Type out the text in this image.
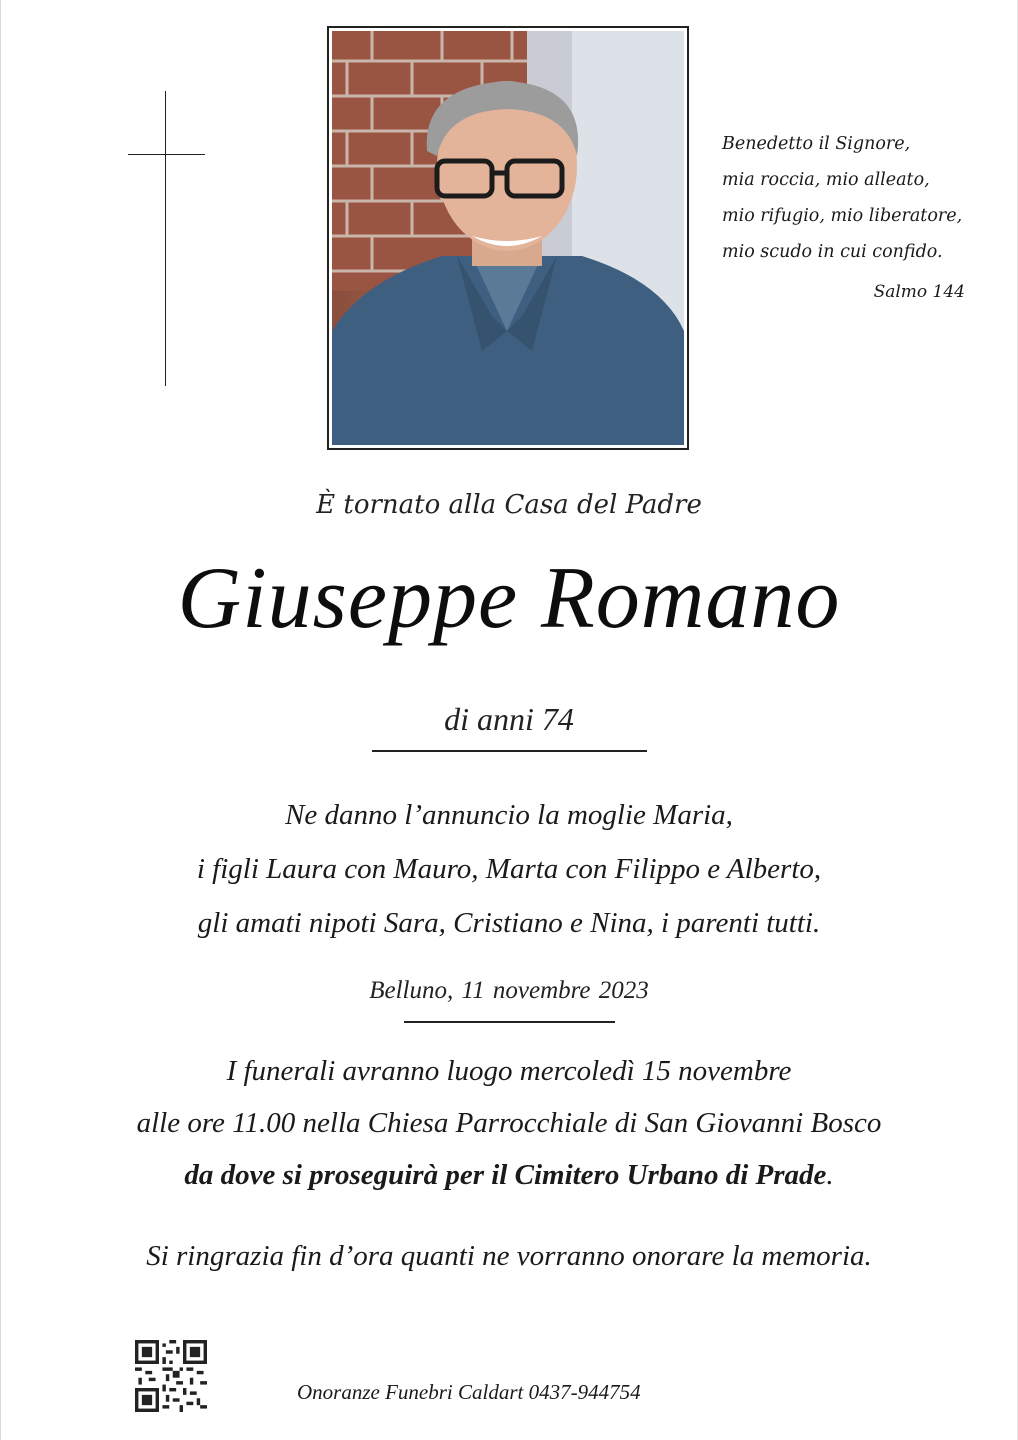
Benedetto il Signore,
mia roccia, mio alleato,
mio rifugio, mio liberatore,
mio scudo in cui confido.
Salmo 144
È tornato alla Casa del Padre
Giuseppe Romano
di anni 74
Ne danno l’annuncio la moglie Maria,
i figli Laura con Mauro, Marta con Filippo e Alberto,
gli amati nipoti Sara, Cristiano e Nina, i parenti tutti.
Belluno, 11 novembre 2023
I funerali avranno luogo mercoledì 15 novembre
alle ore 11.00 nella Chiesa Parrocchiale di San Giovanni Bosco
da dove si proseguirà per il Cimitero Urbano di Prade.
Si ringrazia fin d’ora quanti ne vorranno onorare la memoria.
Onoranze Funebri Caldart 0437-944754
